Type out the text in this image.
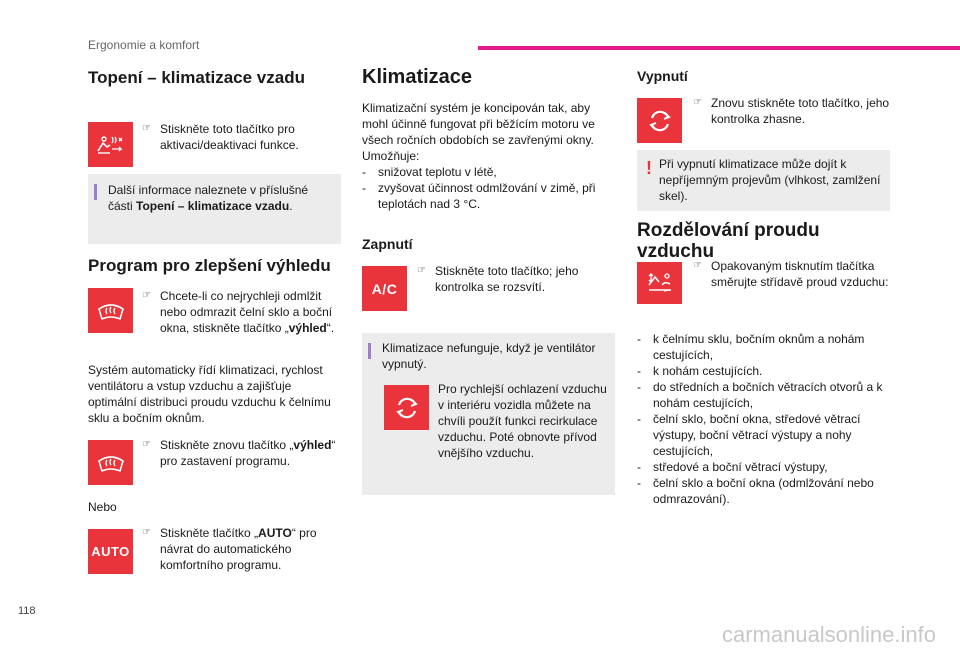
Ergonomie a komfort
Topení – klimatizace vzadu
☞ Stiskněte toto tlačítko pro aktivaci/deaktivaci funkce.
Další informace naleznete v příslušné části Topení – klimatizace vzadu.
Program pro zlepšení výhledu
☞ Chcete-li co nejrychleji odmlžit nebo odmrazit čelní sklo a boční okna, stiskněte tlačítko „výhled“.
Systém automaticky řídí klimatizaci, rychlost ventilátoru a vstup vzduchu a zajišťuje optimální distribuci proudu vzduchu k čelnímu sklu a bočním oknům.
☞ Stiskněte znovu tlačítko „výhled“ pro zastavení programu.
Nebo
AUTO
☞ Stiskněte tlačítko „AUTO“ pro návrat do automatického komfortního programu.
Klimatizace
Klimatizační systém je koncipován tak, aby mohl účinně fungovat při běžícím motoru ve všech ročních obdobích se zavřenými okny.
Umožňuje:
- snižovat teplotu v létě,
- zvyšovat účinnost odmlžování v zimě, při teplotách nad 3 °C.
Zapnutí
A/C
☞ Stiskněte toto tlačítko; jeho kontrolka se rozsvítí.
Klimatizace nefunguje, když je ventilátor vypnutý.
Pro rychlejší ochlazení vzduchu v interiéru vozidla můžete na chvíli použít funkci recirkulace vzduchu. Poté obnovte přívod vnějšího vzduchu.
Vypnutí
☞ Znovu stiskněte toto tlačítko, jeho kontrolka zhasne.
! Při vypnutí klimatizace může dojít k nepříjemným projevům (vlhkost, zamlžení skel).
Rozdělování proudu vzduchu
☞ Opakovaným tisknutím tlačítka směrujte střídavě proud vzduchu:
- k čelnímu sklu, bočním oknům a nohám cestujících,
- k nohám cestujících.
- do středních a bočních větracích otvorů a k nohám cestujících,
- čelní sklo, boční okna, středové větrací výstupy, boční větrací výstupy a nohy cestujících,
- středové a boční větrací výstupy,
- čelní sklo a boční okna (odmlžování nebo odmrazování).
118
carmanualsonline.info
